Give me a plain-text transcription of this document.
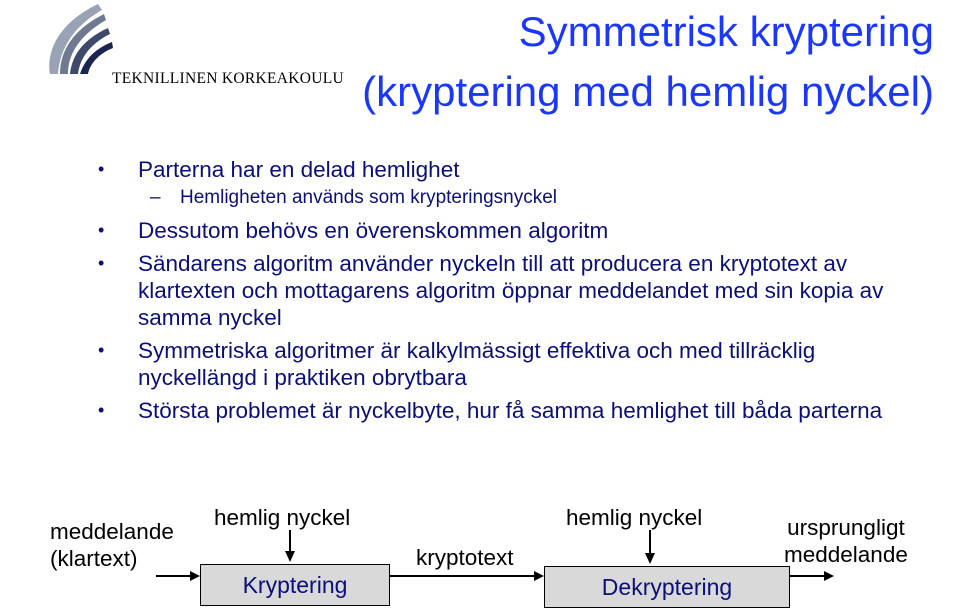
TEKNILLINEN KORKEAKOULU
Symmetrisk kryptering
(kryptering med hemlig nyckel)
• Parterna har en delad hemlighet
– Hemligheten används som krypteringsnyckel
• Dessutom behövs en överenskommen algoritm
• Sändarens algoritm använder nyckeln till att producera en kryptotext av klartexten och mottagarens algoritm öppnar meddelandet med sin kopia av samma nyckel
• Symmetriska algoritmer är kalkylmässigt effektiva och med tillräcklig nyckellängd i praktiken obrytbara
• Största problemet är nyckelbyte, hur få samma hemlighet till båda parterna
meddelande
(klartext)
hemlig nyckel
Kryptering
kryptotext
hemlig nyckel
Dekryptering
ursprungligt
meddelande
